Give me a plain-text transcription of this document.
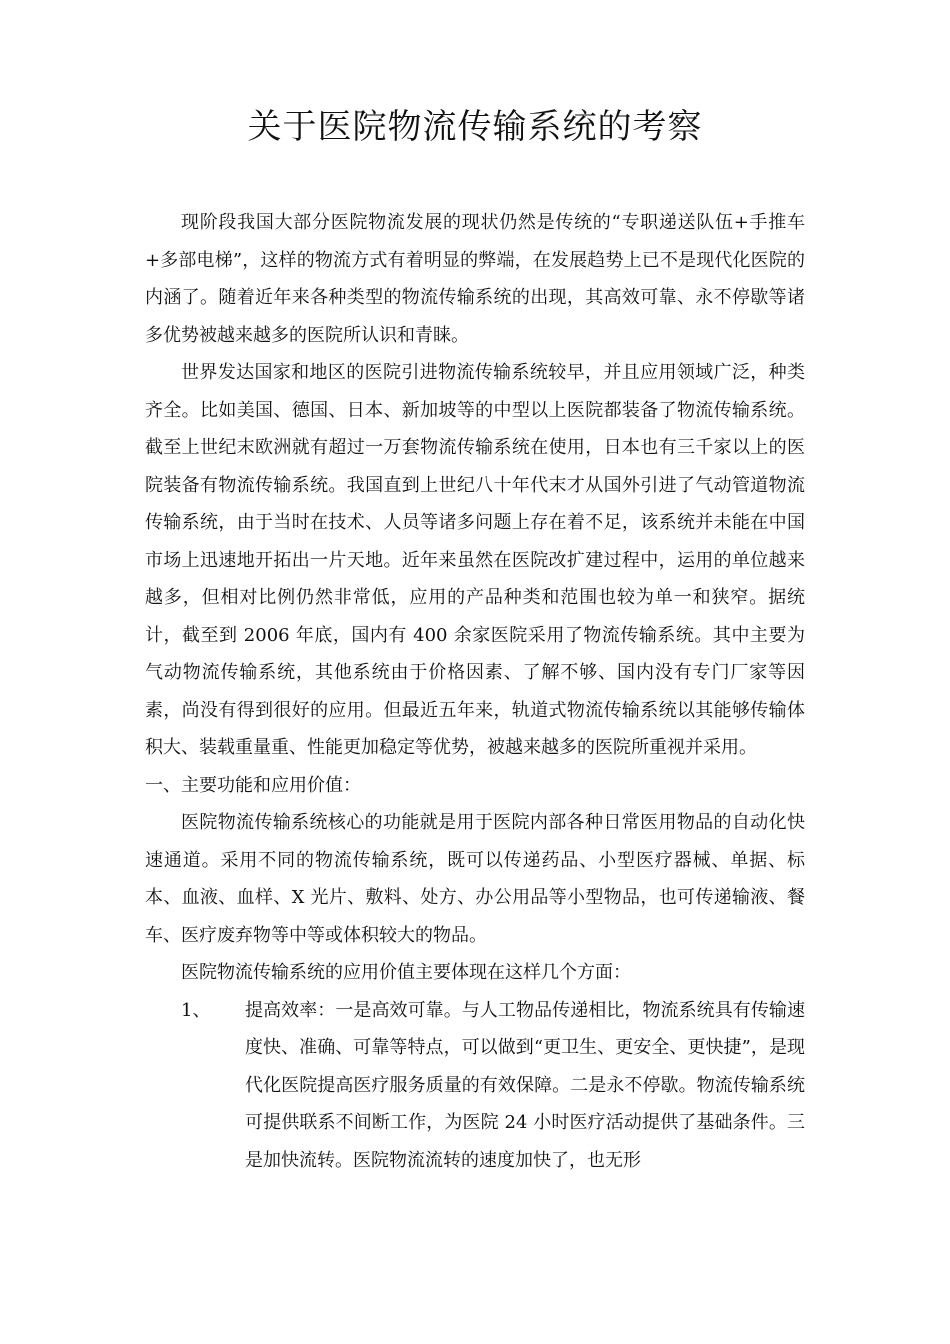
关于医院物流传输系统的考察

现阶段我国大部分医院物流发展的现状仍然是传统的“专职递送队伍+手推车+多部电梯”，这样的物流方式有着明显的弊端，在发展趋势上已不是现代化医院的内涵了。随着近年来各种类型的物流传输系统的出现，其高效可靠、永不停歇等诸多优势被越来越多的医院所认识和青睐。

世界发达国家和地区的医院引进物流传输系统较早，并且应用领域广泛，种类齐全。比如美国、德国、日本、新加坡等的中型以上医院都装备了物流传输系统。截至上世纪末欧洲就有超过一万套物流传输系统在使用，日本也有三千家以上的医院装备有物流传输系统。我国直到上世纪八十年代末才从国外引进了气动管道物流传输系统，由于当时在技术、人员等诸多问题上存在着不足，该系统并未能在中国市场上迅速地开拓出一片天地。近年来虽然在医院改扩建过程中，运用的单位越来越多，但相对比例仍然非常低，应用的产品种类和范围也较为单一和狭窄。据统计，截至到 2006 年底，国内有 400 余家医院采用了物流传输系统。其中主要为气动物流传输系统，其他系统由于价格因素、了解不够、国内没有专门厂家等因素，尚没有得到很好的应用。但最近五年来，轨道式物流传输系统以其能够传输体积大、装载重量重、性能更加稳定等优势，被越来越多的医院所重视并采用。

一、主要功能和应用价值：

医院物流传输系统核心的功能就是用于医院内部各种日常医用物品的自动化快速通道。采用不同的物流传输系统，既可以传递药品、小型医疗器械、单据、标本、血液、血样、X 光片、敷料、处方、办公用品等小型物品，也可传递输液、餐车、医疗废弃物等中等或体积较大的物品。

医院物流传输系统的应用价值主要体现在这样几个方面：

1、 提高效率：一是高效可靠。与人工物品传递相比，物流系统具有传输速度快、准确、可靠等特点，可以做到“更卫生、更安全、更快捷”，是现代化医院提高医疗服务质量的有效保障。二是永不停歇。物流传输系统可提供联系不间断工作，为医院 24 小时医疗活动提供了基础条件。三是加快流转。医院物流流转的速度加快了，也无形
